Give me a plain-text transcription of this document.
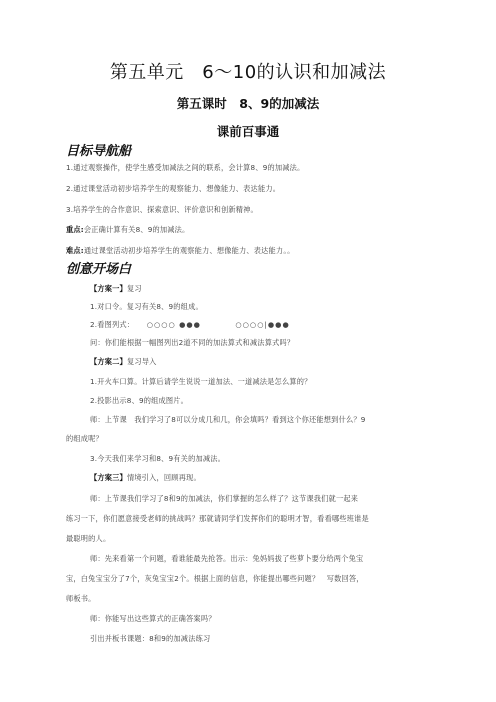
第五单元　6～10的认识和加减法
第五课时　8、9的加减法
课前百事通
目标导航船
1.通过观察操作，使学生感受加减法之间的联系，会计算8、9的加减法。
2.通过课堂活动初步培养学生的观察能力、想像能力、表达能力。
3.培养学生的合作意识、探索意识、评价意识和创新精神。
重点:会正确计算有关8、9的加减法。
难点:通过课堂活动初步培养学生的观察能力、想像能力、表达能力。。
创意开场白
【方案一】复习
1.对口令。复习有关8、9的组成。
2.看图列式： ○○○○ ●●●	○○○○|●●●
问：你们能根据一幅图列出2道不同的加法算式和减法算式吗？
【方案二】复习导入
1.开火车口算。计算后请学生说说一道加法、一道减法是怎么算的？
2.投影出示8、9的组成图片。
师：上节课　我们学习了8可以分成几和几，你会填吗？看到这个你还能想到什么？9
的组成呢？
3.今天我们来学习和8、9有关的加减法。
【方案三】情境引入，回顾再现。
师：上节课我们学习了8和9的加减法，你们掌握的怎么样了？这节课我们就一起来
练习一下，你们愿意接受老师的挑战吗？那就请同学们发挥你们的聪明才智，看看哪些班谁是
最聪明的人。
师：先来看第一个问题，看谁能最先抢答。出示：兔妈妈拔了些萝卜要分给两个兔宝
宝，白兔宝宝分了7个，灰兔宝宝2个。根据上面的信息，你能提出哪些问题？　写数回答，
师板书。
师：你能写出这些算式的正确答案吗？
引出并板书课题：8和9的加减法练习
